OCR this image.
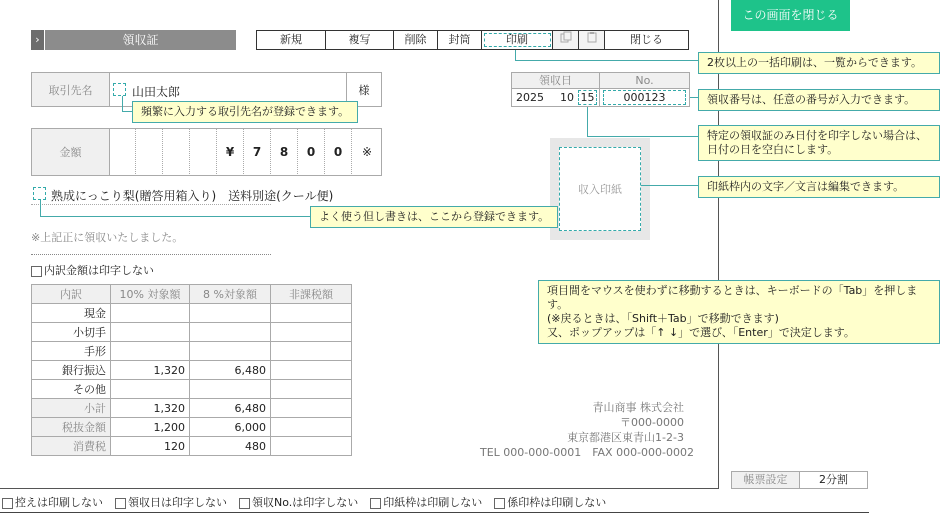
この画面を閉じる
›	領収証	新規	複写	削除	封筒	印刷	閉じる
取引先名	山田太郎	様
金額	¥	7	8	0	0	※
熟成にっこり梨(贈答用箱入り)　送料別途(クール便)
※上記正に領収いたしました。
領収日	No.
2025 10 15	000123
収入印紙
内訳金額は印字しない
内訳	10% 対象額	8 %対象額	非課税額
現金			
小切手			
手形			
銀行振込	1,320	6,480	
その他			
小計	1,320	6,480	
税抜金額	1,200	6,000	
消費税	120	480	
青山商事 株式会社
〒000-0000
東京都港区東青山1-2-3
TEL 000-000-0001　FAX 000-000-0002
2枚以上の一括印刷は、一覧からできます。
領収番号は、任意の番号が入力できます。
特定の領収証のみ日付を印字しない場合は、
日付の日を空白にします。
印紙枠内の文字／文言は編集できます。
頻繁に入力する取引先名が登録できます。
よく使う但し書きは、ここから登録できます。
項目間をマウスを使わずに移動するときは、キーボードの「Tab」を押します。
(※戻るときは、「Shift＋Tab」で移動できます)
又、ポップアップは「↑ ↓」で選び、「Enter」で決定します。
帳票設定	2分割
控えは印刷しない	領収日は印字しない	領収No.は印字しない	印紙枠は印刷しない	係印枠は印刷しない
